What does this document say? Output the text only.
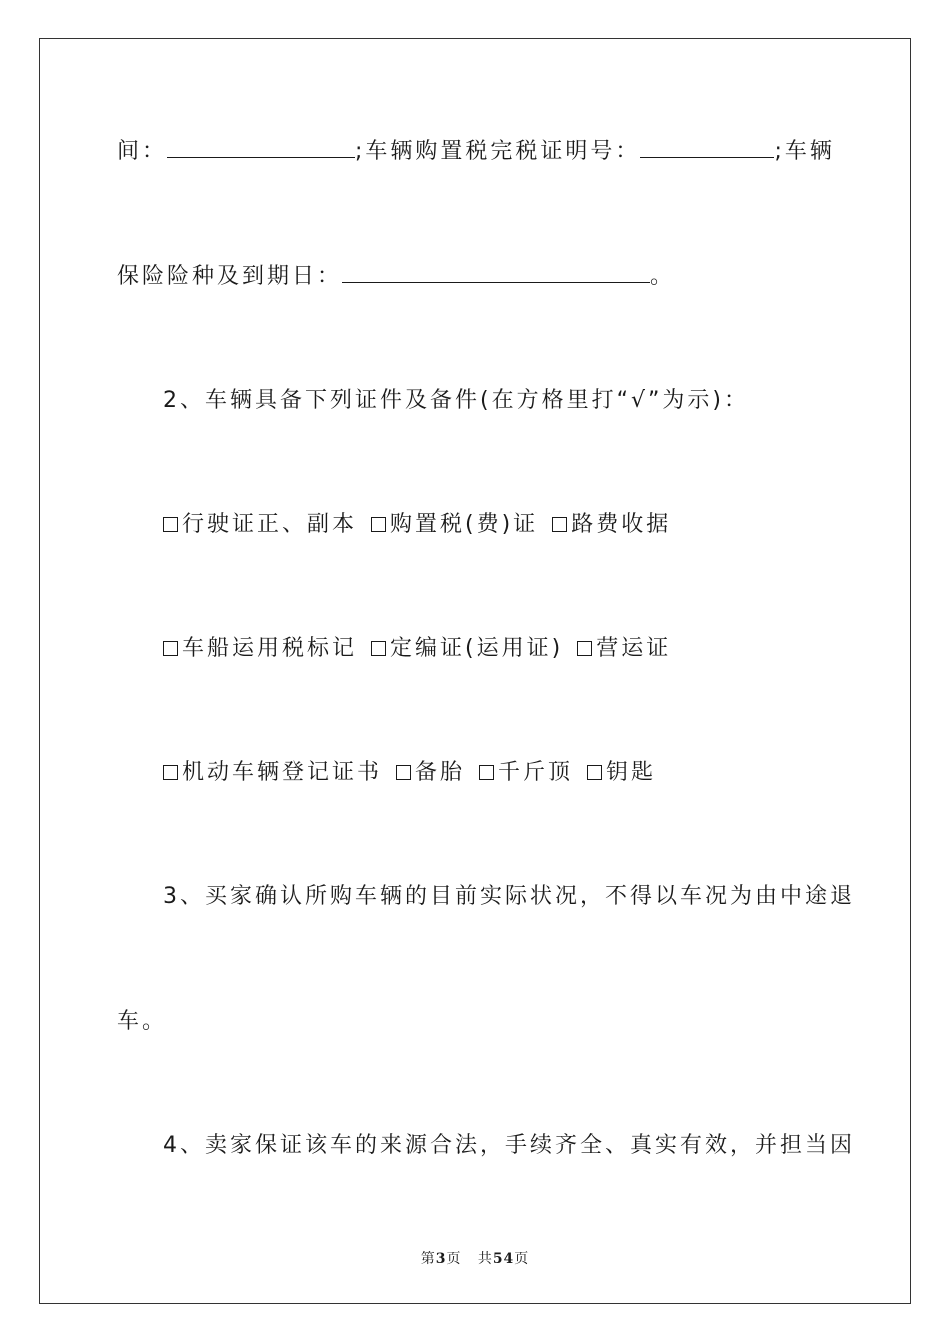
间：	;车辆购置税完税证明号：	;车辆
保险险种及到期日：	。
2、车辆具备下列证件及备件(在方格里打“√”为示)：
行驶证正、副本 购置税(费)证 路费收据
车船运用税标记 定编证(运用证) 营运证
机动车辆登记证书 备胎 千斤顶 钥匙
3、买家确认所购车辆的目前实际状况，不得以车况为由中途退
车。
4、卖家保证该车的来源合法，手续齐全、真实有效，并担当因
第3页 共54页
